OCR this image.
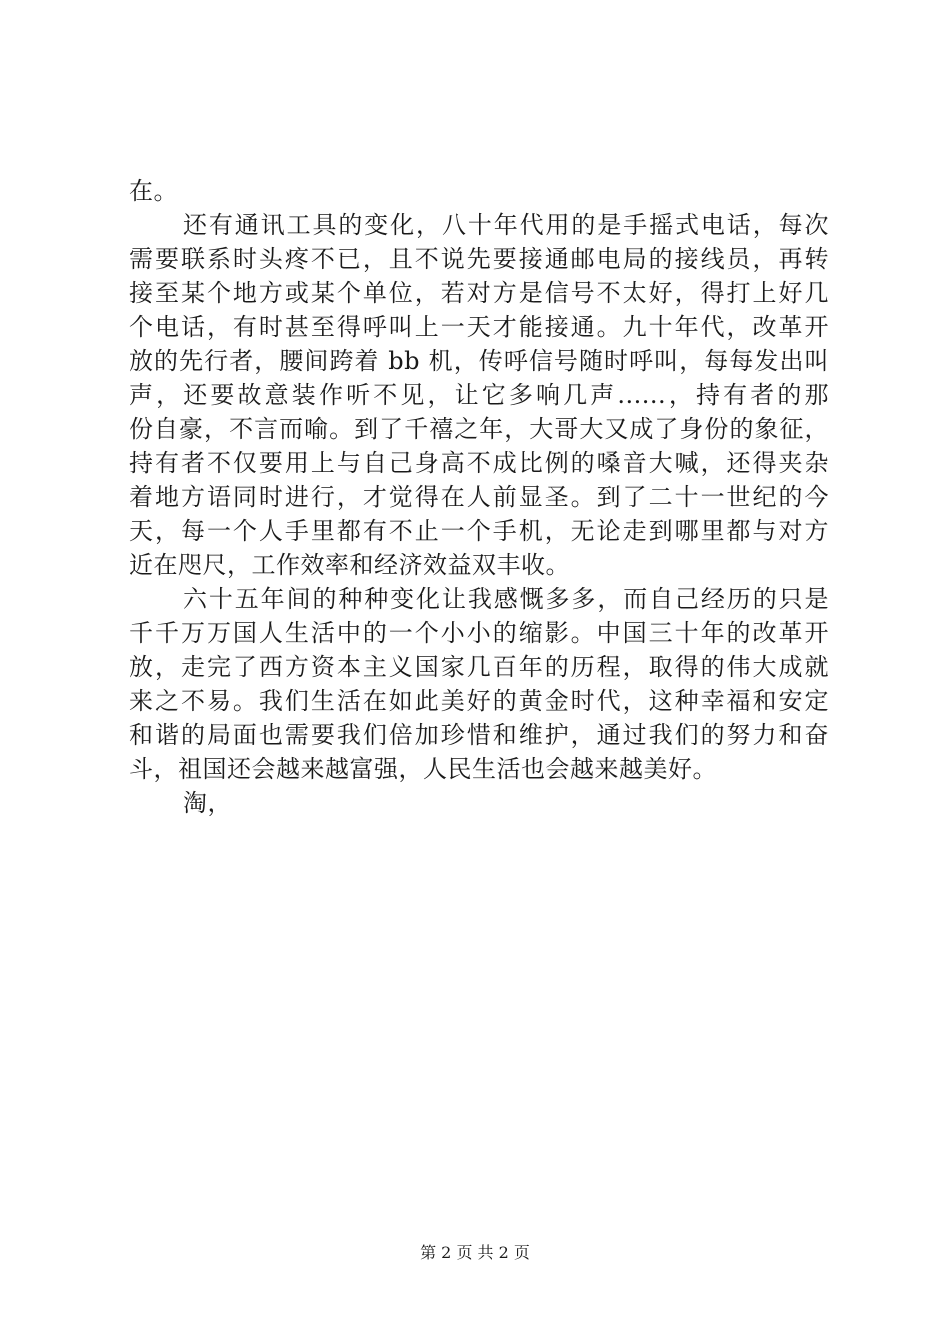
在。
还有通讯工具的变化，八十年代用的是手摇式电话，每次
需要联系时头疼不已，且不说先要接通邮电局的接线员，再转
接至某个地方或某个单位，若对方是信号不太好，得打上好几
个电话，有时甚至得呼叫上一天才能接通。九十年代，改革开
放的先行者，腰间跨着 bb 机，传呼信号随时呼叫，每每发出叫
声，还要故意装作听不见，让它多响几声......，持有者的那
份自豪，不言而喻。到了千禧之年，大哥大又成了身份的象征，
持有者不仅要用上与自己身高不成比例的嗓音大喊，还得夹杂
着地方语同时进行，才觉得在人前显圣。到了二十一世纪的今
天，每一个人手里都有不止一个手机，无论走到哪里都与对方
近在咫尺，工作效率和经济效益双丰收。
六十五年间的种种变化让我感慨多多，而自己经历的只是
千千万万国人生活中的一个小小的缩影。中国三十年的改革开
放，走完了西方资本主义国家几百年的历程，取得的伟大成就
来之不易。我们生活在如此美好的黄金时代，这种幸福和安定
和谐的局面也需要我们倍加珍惜和维护，通过我们的努力和奋
斗，祖国还会越来越富强，人民生活也会越来越美好。
淘，
第 2 页 共 2 页
